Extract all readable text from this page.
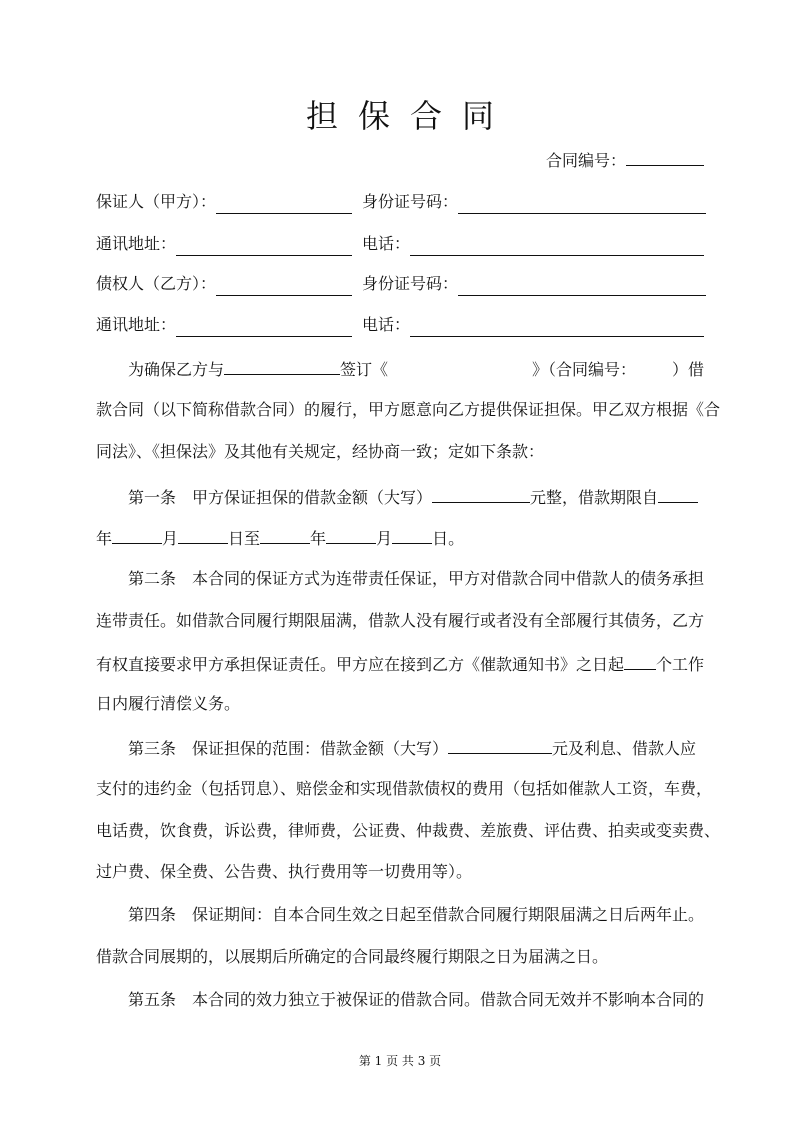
担保合同
合同编号：
保证人（甲方）：	身份证号码：
通讯地址：	电话：
债权人（乙方）：	身份证号码：
通讯地址：	电话：
为确保乙方与	签订《	》（合同编号： ）借
款合同（以下简称借款合同）的履行，甲方愿意向乙方提供保证担保。甲乙双方根据《合
同法》、《担保法》及其他有关规定，经协商一致；定如下条款：
第一条　甲方保证担保的借款金额（大写）	元整，借款期限自
年	月	日至	年	月	日。
第二条　本合同的保证方式为连带责任保证，甲方对借款合同中借款人的债务承担
连带责任。如借款合同履行期限届满，借款人没有履行或者没有全部履行其债务，乙方
有权直接要求甲方承担保证责任。甲方应在接到乙方《催款通知书》之日起 个工作
日内履行清偿义务。
第三条　保证担保的范围：借款金额（大写）	元及利息、借款人应
支付的违约金（包括罚息）、赔偿金和实现借款债权的费用（包括如催款人工资，车费，
电话费，饮食费，诉讼费，律师费，公证费、仲裁费、差旅费、评估费、拍卖或变卖费、
过户费、保全费、公告费、执行费用等一切费用等）。
第四条　保证期间：自本合同生效之日起至借款合同履行期限届满之日后两年止。
借款合同展期的，以展期后所确定的合同最终履行期限之日为届满之日。
第五条　本合同的效力独立于被保证的借款合同。借款合同无效并不影响本合同的
第 1 页 共 3 页
